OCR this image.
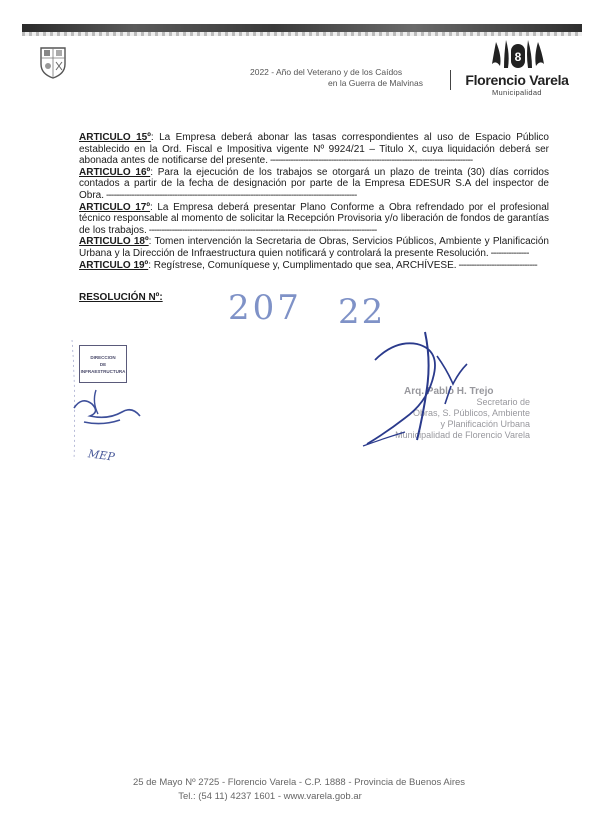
2022 - Año del Veterano y de los Caídos
en la Guerra de Malvinas
8
Florencio Varela
Municipalidad

ARTICULO 15º: La Empresa deberá abonar las tasas correspondientes al uso de Espacio Público establecido en la Ord. Fiscal e Impositiva vigente Nº 9924/21 – Titulo X, cuya liquidación deberá ser abonada antes de notificarse del presente. --------------------------------------------------------------------------------

ARTICULO 16º: Para la ejecución de los trabajos se otorgará un plazo de treinta (30) días corridos contados a partir de la fecha de designación por parte de la Empresa EDESUR S.A del inspector de Obra. ---------------------------------------------------------------------------------------------------

ARTICULO 17º: La Empresa deberá presentar Plano Conforme a Obra refrendado por el profesional técnico responsable al momento de solicitar la Recepción Provisoria y/o liberación de fondos de garantías de los trabajos. ------------------------------------------------------------------------------------------

ARTICULO 18º: Tomen intervención la Secretaria de Obras, Servicios Públicos, Ambiente y Planificación Urbana y la Dirección de Infraestructura quien notificará y controlará la presente Resolución. ---------------

ARTICULO 19º: Regístrese, Comuníquese y, Cumplimentado que sea, ARCHÍVESE. -------------------------------

RESOLUCIÓN Nº: 207 22
DIRECCION
DE
INFRAESTRUCTURA
MEP
Arq. Pablo H. Trejo
Secretario de
Obras, S. Públicos, Ambiente
y Planificación Urbana
Municipalidad de Florencio Varela
25 de Mayo Nº 2725 - Florencio Varela - C.P. 1888 - Provincia de Buenos Aires

Tel.: (54 11) 4237 1601 - www.varela.gob.ar
